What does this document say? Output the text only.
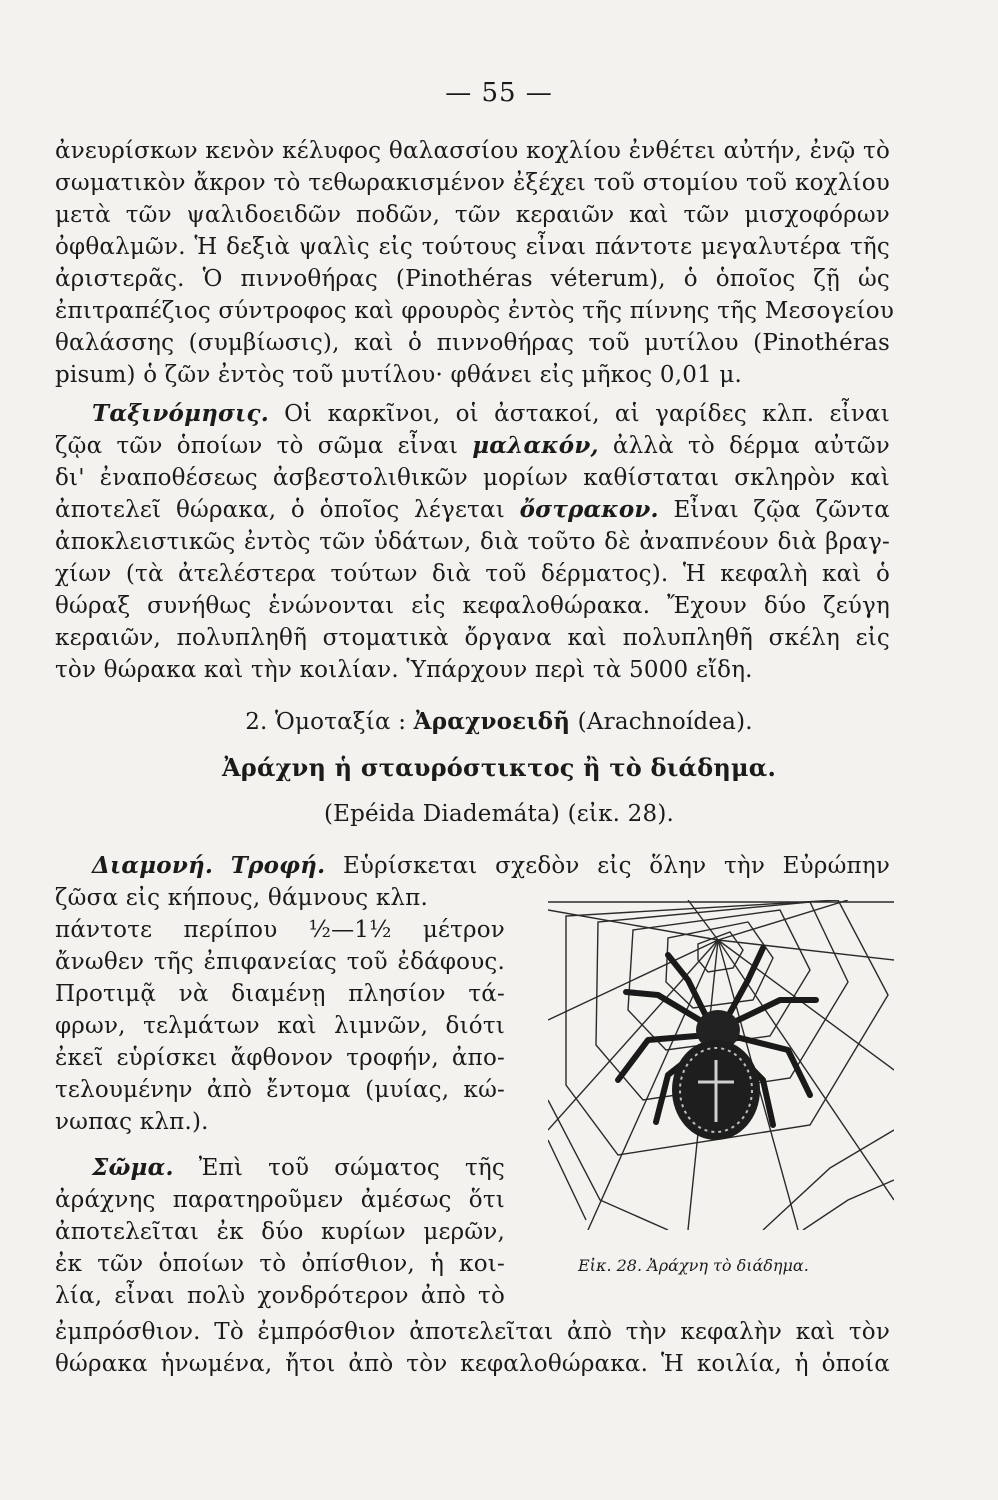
— 55 —
ἀνευρίσκων κενὸν κέλυφος θαλασσίου κοχλίου ἐνθέτει αὐτήν, ἐνῷ τὸ
σωματικὸν ἄκρον τὸ τεθωρακισμένον ἐξέχει τοῦ στομίου τοῦ κοχλίου
μετὰ τῶν ψαλιδοειδῶν ποδῶν, τῶν κεραιῶν καὶ τῶν μισχοφόρων
ὀφθαλμῶν. Ἡ δεξιὰ ψαλὶς εἰς τούτους εἶναι πάντοτε μεγαλυτέρα τῆς
ἀριστερᾶς. Ὁ πιννοθήρας (Pinothéras véterum), ὁ ὁποῖος ζῇ ὡς
ἐπιτραπέζιος σύντροφος καὶ φρουρὸς ἐντὸς τῆς πίννης τῆς Μεσογείου
θαλάσσης (συμβίωσις), καὶ ὁ πιννοθήρας τοῦ μυτίλου (Pinothéras
pisum) ὁ ζῶν ἐντὸς τοῦ μυτίλου· φθάνει εἰς μῆκος 0,01 μ.
Ταξινόμησις. Οἱ καρκῖνοι, οἱ ἀστακοί, αἱ γαρίδες κλπ. εἶναι
ζῷα τῶν ὁποίων τὸ σῶμα εἶναι μαλακόν, ἀλλὰ τὸ δέρμα αὐτῶν
δι' ἐναποθέσεως ἀσβεστολιθικῶν μορίων καθίσταται σκληρὸν καὶ
ἀποτελεῖ θώρακα, ὁ ὁποῖος λέγεται ὄστρακον. Εἶναι ζῷα ζῶντα
ἀποκλειστικῶς ἐντὸς τῶν ὑδάτων, διὰ τοῦτο δὲ ἀναπνέουν διὰ βραγ-
χίων (τὰ ἀτελέστερα τούτων διὰ τοῦ δέρματος). Ἡ κεφαλὴ καὶ ὁ
θώραξ συνήθως ἑνώνονται εἰς κεφαλοθώρακα. Ἔχουν δύο ζεύγη
κεραιῶν, πολυπληθῆ στοματικὰ ὄργανα καὶ πολυπληθῆ σκέλη εἰς
τὸν θώρακα καὶ τὴν κοιλίαν. Ὑπάρχουν περὶ τὰ 5000 εἴδη.
2. Ὁμοταξία : Ἀραχνοειδῆ (Arachnoídea).
Ἀράχνη ἡ σταυρόστικτος ἢ τὸ διάδημα.
(Epéida Diademáta) (εἰκ. 28).
Διαμονή. Τροφή. Εὑρίσκεται σχεδὸν εἰς ὅλην τὴν Εὐρώπην
ζῶσα εἰς κήπους, θάμνους κλπ.
πάντοτε περίπου ½—1½ μέτρον
ἄνωθεν τῆς ἐπιφανείας τοῦ ἐδάφους.
Προτιμᾷ νὰ διαμένῃ πλησίον τά-
φρων, τελμάτων καὶ λιμνῶν, διότι
ἐκεῖ εὑρίσκει ἄφθονον τροφήν, ἀπο-
τελουμένην ἀπὸ ἔντομα (μυίας, κώ-
νωπας κλπ.).
Σῶμα. Ἐπὶ τοῦ σώματος τῆς
ἀράχνης παρατηροῦμεν ἀμέσως ὅτι
ἀποτελεῖται ἐκ δύο κυρίων μερῶν,
ἐκ τῶν ὁποίων τὸ ὀπίσθιον, ἡ κοι-
λία, εἶναι πολὺ χονδρότερον ἀπὸ τὸ
ἐμπρόσθιον. Τὸ ἐμπρόσθιον ἀποτελεῖται ἀπὸ τὴν κεφαλὴν καὶ τὸν
θώρακα ἡνωμένα, ἤτοι ἀπὸ τὸν κεφαλοθώρακα. Ἡ κοιλία, ἡ ὁποία
Εἰκ. 28. Ἀράχνη τὸ διάδημα.
